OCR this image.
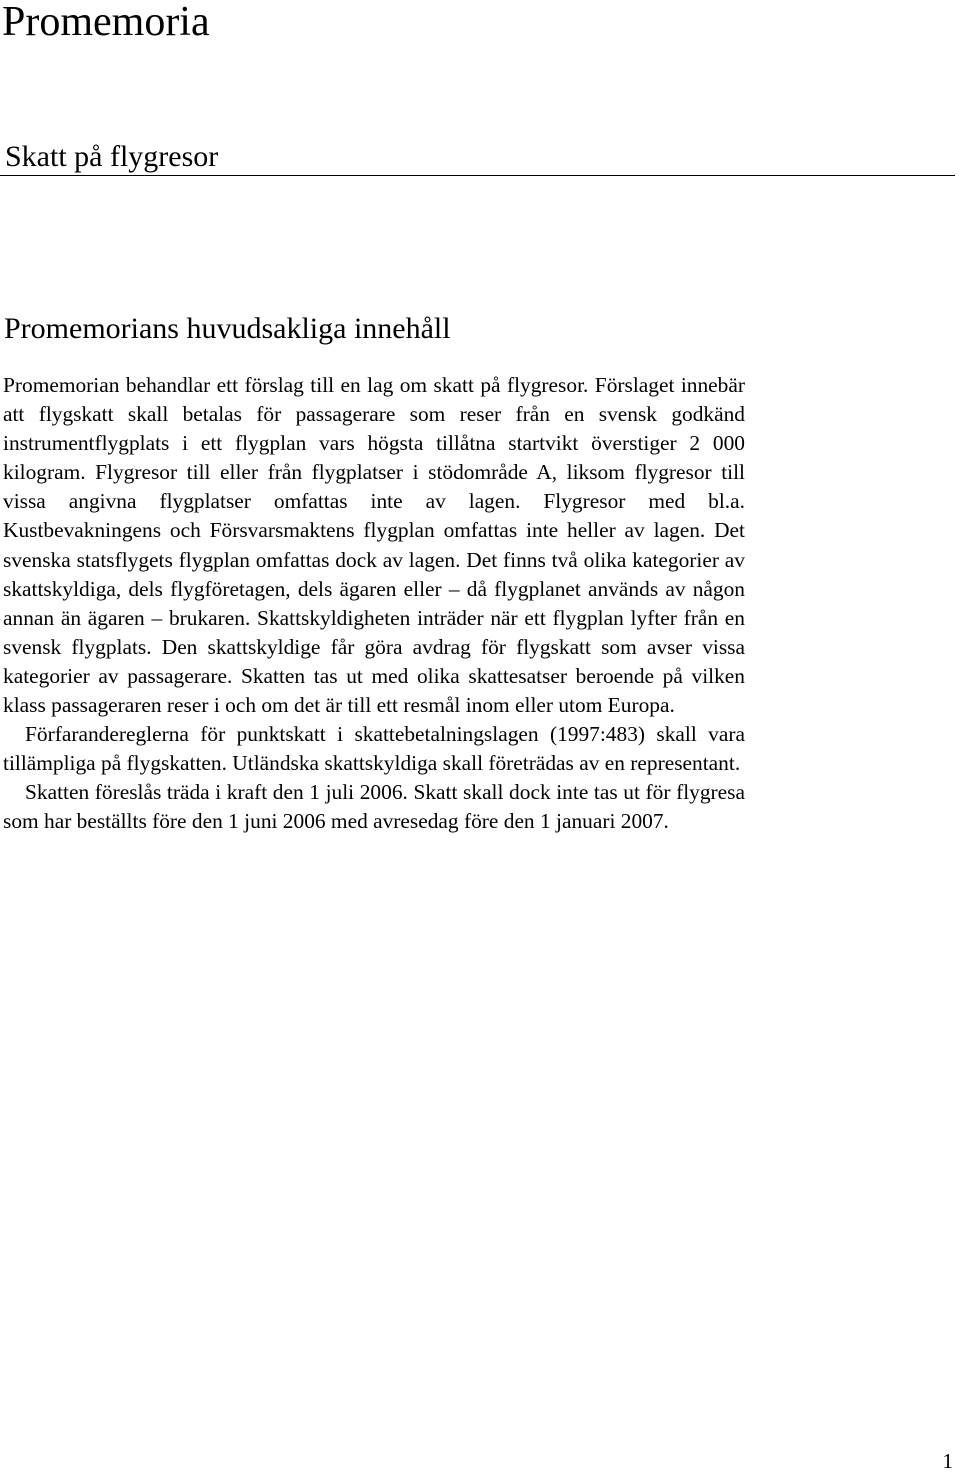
Promemoria
Skatt på flygresor
Promemorians huvudsakliga innehåll

Promemorian behandlar ett förslag till en lag om skatt på flygresor. Förslaget innebär att flygskatt skall betalas för passagerare som reser från en svensk godkänd instrumentflygplats i ett flygplan vars högsta tillåtna startvikt överstiger 2 000 kilogram. Flygresor till eller från flygplatser i stödområde A, liksom flygresor till vissa angivna flygplatser omfattas inte av lagen. Flygresor med bl.a. Kustbevakningens och Försvarsmaktens flygplan omfattas inte heller av lagen. Det svenska statsflygets flygplan omfattas dock av lagen. Det finns två olika kategorier av skattskyldiga, dels flygföretagen, dels ägaren eller – då flygplanet används av någon annan än ägaren – brukaren. Skattskyldigheten inträder när ett flygplan lyfter från en svensk flygplats. Den skattskyldige får göra avdrag för flygskatt som avser vissa kategorier av passagerare. Skatten tas ut med olika skattesatser beroende på vilken klass passageraren reser i och om det är till ett resmål inom eller utom Europa.

Förfarandereglerna för punktskatt i skattebetalningslagen (1997:483) skall vara tillämpliga på flygskatten. Utländska skattskyldiga skall företrädas av en representant.

Skatten föreslås träda i kraft den 1 juli 2006. Skatt skall dock inte tas ut för flygresa som har beställts före den 1 juni 2006 med avresedag före den 1 januari 2007.

1
